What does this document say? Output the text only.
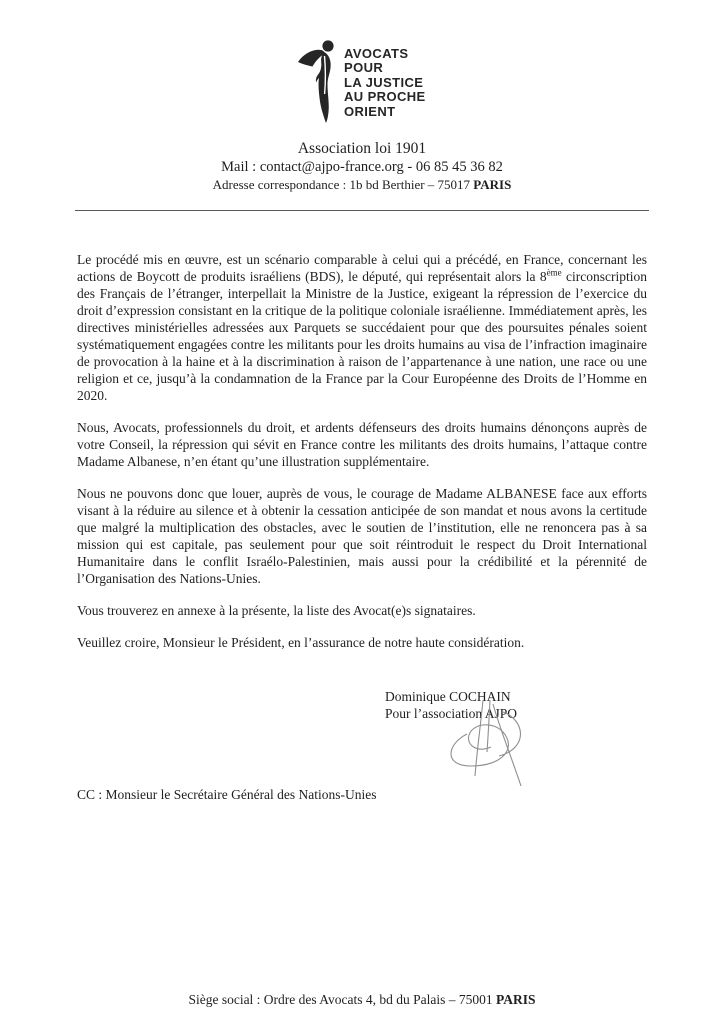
AVOCATS
POUR
LA JUSTICE
AU PROCHE
ORIENT
Association loi 1901
Mail : contact@ajpo-france.org - 06 85 45 36 82
Adresse correspondance : 1b bd Berthier – 75017 PARIS

Le procédé mis en œuvre, est un scénario comparable à celui qui a précédé, en France, concernant les actions de Boycott de produits israéliens (BDS), le député, qui représentait alors la 8ème circonscription des Français de l’étranger, interpellait la Ministre de la Justice, exigeant la répression de l’exercice du droit d’expression consistant en la critique de la politique coloniale israélienne. Immédiatement après, les directives ministérielles adressées aux Parquets se succédaient pour que des poursuites pénales soient systématiquement engagées contre les militants pour les droits humains au visa de l’infraction imaginaire de provocation à la haine et à la discrimination à raison de l’appartenance à une nation, une race ou une religion et ce, jusqu’à la condamnation de la France par la Cour Européenne des Droits de l’Homme en 2020.

Nous, Avocats, professionnels du droit, et ardents défenseurs des droits humains dénonçons auprès de votre Conseil, la répression qui sévit en France contre les militants des droits humains, l’attaque contre Madame Albanese, n’en étant qu’une illustration supplémentaire.

Nous ne pouvons donc que louer, auprès de vous, le courage de Madame ALBANESE face aux efforts visant à la réduire au silence et à obtenir la cessation anticipée de son mandat et nous avons la certitude que malgré la multiplication des obstacles, avec le soutien de l’institution, elle ne renoncera pas à sa mission qui est capitale, pas seulement pour que soit réintroduit le respect du Droit International Humanitaire dans le conflit Israélo-Palestinien, mais aussi pour la crédibilité et la pérennité de l’Organisation des Nations-Unies.

Vous trouverez en annexe à la présente, la liste des Avocat(e)s signataires.

Veuillez croire, Monsieur le Président, en l’assurance de notre haute considération.

Dominique COCHAIN
Pour l’association AJPO

CC : Monsieur le Secrétaire Général des Nations-Unies

Siège social : Ordre des Avocats 4, bd du Palais – 75001 PARIS
